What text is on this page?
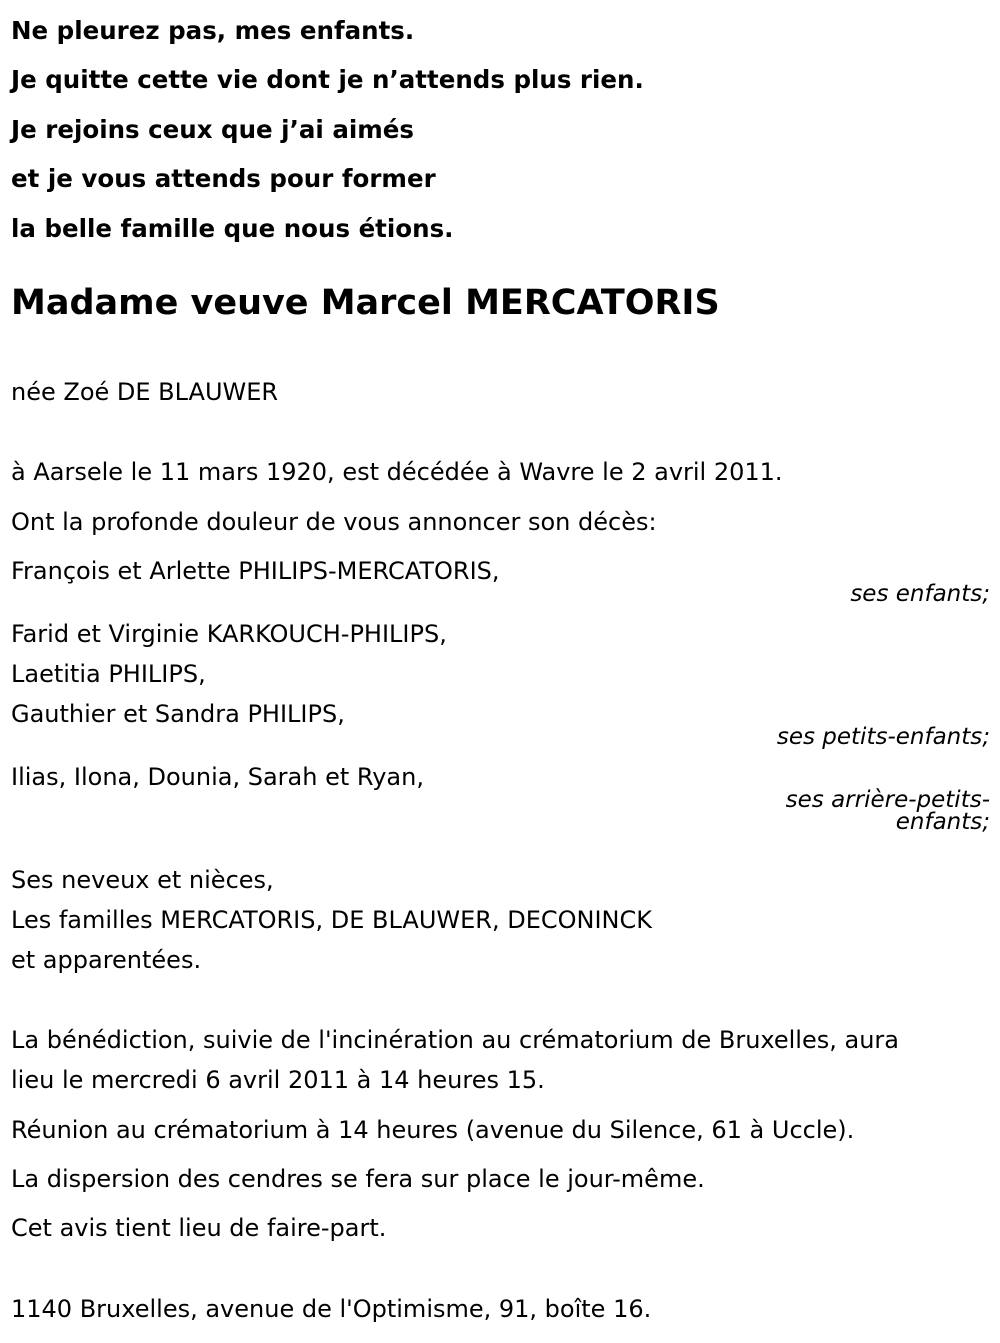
Ne pleurez pas, mes enfants.
Je quitte cette vie dont je n’attends plus rien.
Je rejoins ceux que j’ai aimés
et je vous attends pour former
la belle famille que nous étions.
Madame veuve Marcel MERCATORIS

née Zoé DE BLAUWER

à Aarsele le 11 mars 1920, est décédée à Wavre le 2 avril 2011.

Ont la profonde douleur de vous annoncer son décès:

François et Arlette PHILIPS-MERCATORIS,
ses enfants;
Farid et Virginie KARKOUCH-PHILIPS,
Laetitia PHILIPS,
Gauthier et Sandra PHILIPS,
ses petits-enfants;
Ilias, Ilona, Dounia, Sarah et Ryan,
ses arrière-petits-
enfants;
Ses neveux et nièces,
Les familles MERCATORIS, DE BLAUWER, DECONINCK
et apparentées.
La bénédiction, suivie de l'incinération au crématorium de Bruxelles, aura
lieu le mercredi 6 avril 2011 à 14 heures 15.

Réunion au crématorium à 14 heures (avenue du Silence, 61 à Uccle).

La dispersion des cendres se fera sur place le jour-même.

Cet avis tient lieu de faire-part.

1140 Bruxelles, avenue de l'Optimisme, 91, boîte 16.
